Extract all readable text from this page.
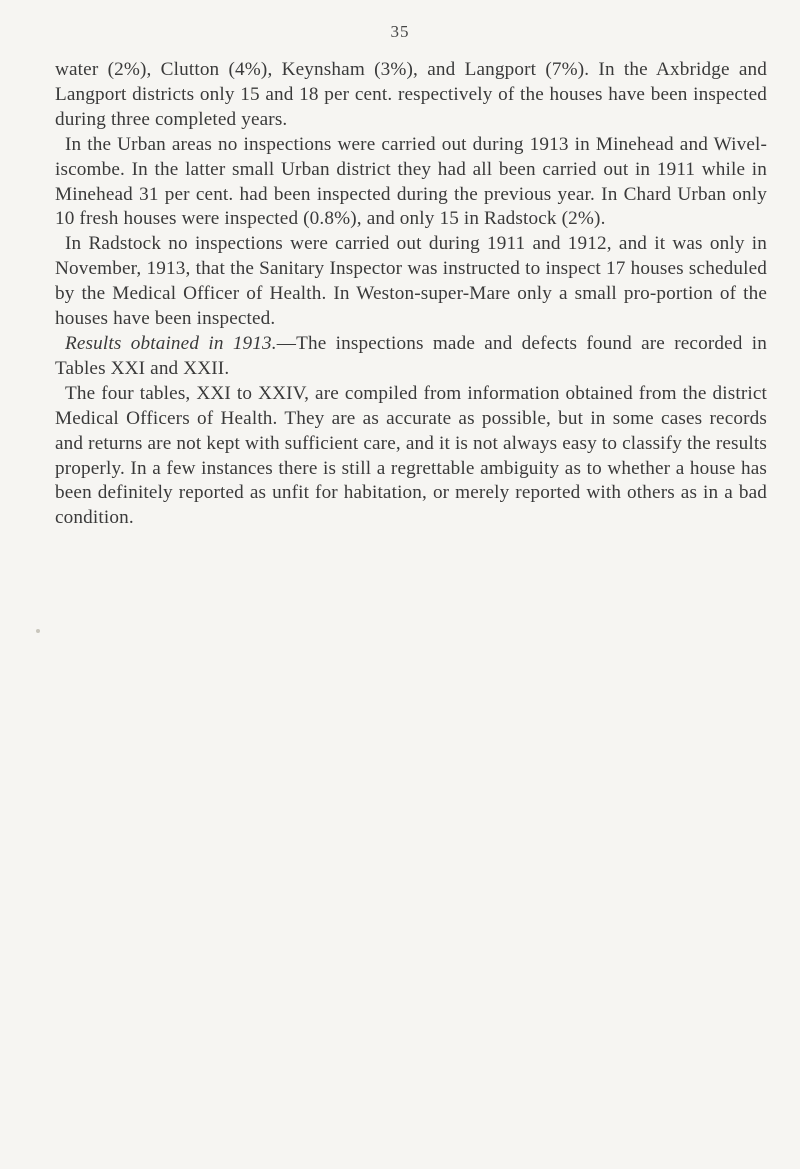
35

water (2%), Clutton (4%), Keynsham (3%), and Langport (7%). In the Axbridge and Langport districts only 15 and 18 per cent. respectively of the houses have been inspected during three completed years.

In the Urban areas no inspections were carried out during 1913 in Minehead and Wivel-iscombe. In the latter small Urban district they had all been carried out in 1911 while in Minehead 31 per cent. had been inspected during the previous year. In Chard Urban only 10 fresh houses were inspected (0.8%), and only 15 in Radstock (2%).

In Radstock no inspections were carried out during 1911 and 1912, and it was only in November, 1913, that the Sanitary Inspector was instructed to inspect 17 houses scheduled by the Medical Officer of Health. In Weston-super-Mare only a small pro-portion of the houses have been inspected.

Results obtained in 1913.—The inspections made and defects found are recorded in Tables XXI and XXII.

The four tables, XXI to XXIV, are compiled from information obtained from the district Medical Officers of Health. They are as accurate as possible, but in some cases records and returns are not kept with sufficient care, and it is not always easy to classify the results properly. In a few instances there is still a regrettable ambiguity as to whether a house has been definitely reported as unfit for habitation, or merely reported with others as in a bad condition.
